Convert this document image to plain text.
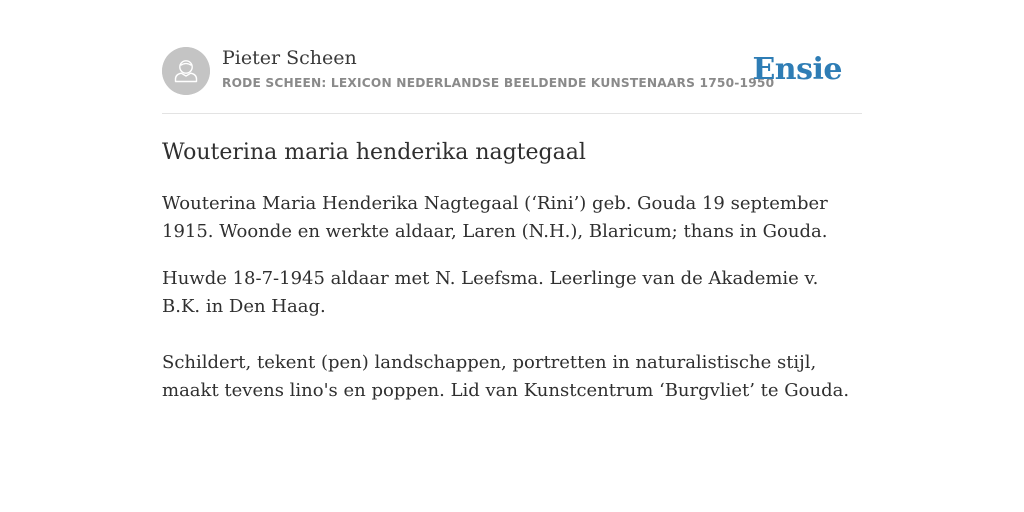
Pieter Scheen
RODE SCHEEN: LEXICON NEDERLANDSE BEELDENDE KUNSTENAARS 1750-1950
Ensie
Wouterina maria henderika nagtegaal

Wouterina Maria Henderika Nagtegaal (‘Rini’) geb. Gouda 19 september 1915. Woonde en werkte aldaar, Laren (N.H.), Blaricum; thans in Gouda.

Huwde 18-7-1945 aldaar met N. Leefsma. Leerlinge van de Akademie v. B.K. in Den Haag.

Schildert, tekent (pen) landschappen, portretten in naturalistische stijl, maakt tevens lino's en poppen. Lid van Kunstcentrum ‘Burgvliet’ te Gouda.
